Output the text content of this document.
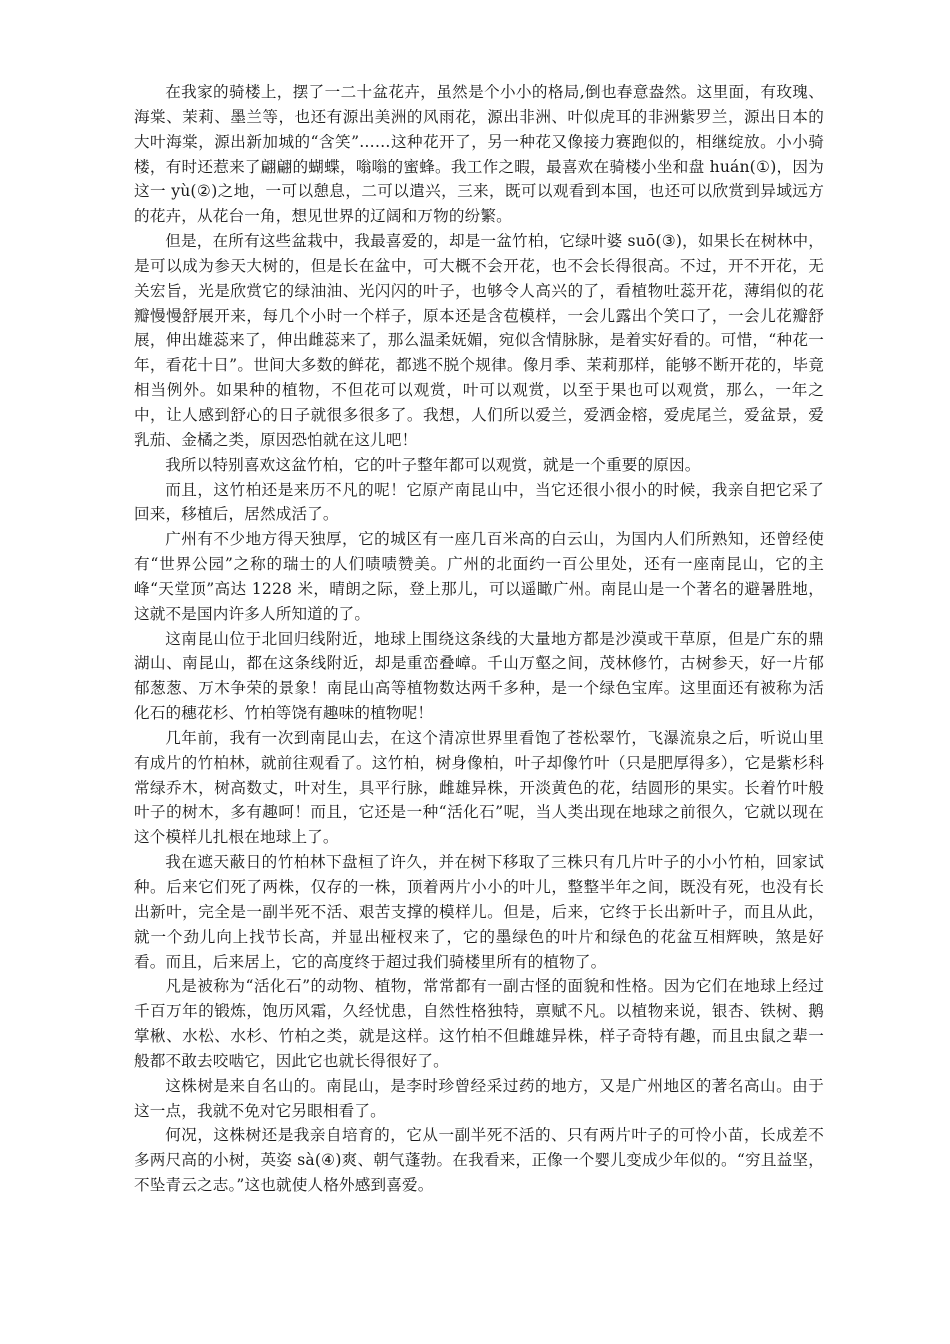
在我家的骑楼上，摆了一二十盆花卉，虽然是个小小的格局,倒也春意盎然。这里面，有玫瑰、海棠、茉莉、墨兰等，也还有源出美洲的风雨花，源出非洲、叶似虎耳的非洲紫罗兰，源出日本的大叶海棠，源出新加城的“含笑”……这种花开了，另一种花又像接力赛跑似的，相继绽放。小小骑楼，有时还惹来了翩翩的蝴蝶，嗡嗡的蜜蜂。我工作之暇，最喜欢在骑楼小坐和盘 huán(①)，因为这一 yù(②)之地，一可以憩息，二可以遣兴，三来，既可以观看到本国，也还可以欣赏到异域远方的花卉，从花台一角，想见世界的辽阔和万物的纷繁。

但是，在所有这些盆栽中，我最喜爱的，却是一盆竹柏，它绿叶婆 suō(③)，如果长在树林中，是可以成为参天大树的，但是长在盆中，可大概不会开花，也不会长得很高。不过，开不开花，无关宏旨，光是欣赏它的绿油油、光闪闪的叶子，也够令人高兴的了，看植物吐蕊开花，薄绢似的花瓣慢慢舒展开来，每几个小时一个样子，原本还是含苞模样，一会儿露出个笑口了，一会儿花瓣舒展，伸出雄蕊来了，伸出雌蕊来了，那么温柔妩媚，宛似含情脉脉，是着实好看的。可惜，“种花一年，看花十日”。世间大多数的鲜花，都逃不脱个规律。像月季、茉莉那样，能够不断开花的，毕竟相当例外。如果种的植物，不但花可以观赏，叶可以观赏，以至于果也可以观赏，那么，一年之中，让人感到舒心的日子就很多很多了。我想，人们所以爱兰，爱洒金榕，爱虎尾兰，爱盆景，爱乳茄、金橘之类，原因恐怕就在这儿吧！

我所以特别喜欢这盆竹柏，它的叶子整年都可以观赏，就是一个重要的原因。

而且，这竹柏还是来历不凡的呢！它原产南昆山中，当它还很小很小的时候，我亲自把它采了回来，移植后，居然成活了。

广州有不少地方得天独厚，它的城区有一座几百米高的白云山，为国内人们所熟知，还曾经使有“世界公园”之称的瑞士的人们啧啧赞美。广州的北面约一百公里处，还有一座南昆山，它的主峰“天堂顶”高达 1228 米，晴朗之际，登上那儿，可以遥瞰广州。南昆山是一个著名的避暑胜地，这就不是国内许多人所知道的了。

这南昆山位于北回归线附近，地球上围绕这条线的大量地方都是沙漠或干草原，但是广东的鼎湖山、南昆山，都在这条线附近，却是重峦叠嶂。千山万壑之间，茂林修竹，古树参天，好一片郁郁葱葱、万木争荣的景象！南昆山高等植物数达两千多种，是一个绿色宝库。这里面还有被称为活化石的穗花杉、竹柏等饶有趣味的植物呢！

几年前，我有一次到南昆山去，在这个清凉世界里看饱了苍松翠竹，飞瀑流泉之后，听说山里有成片的竹柏林，就前往观看了。这竹柏，树身像柏，叶子却像竹叶（只是肥厚得多），它是紫杉科常绿乔木，树高数丈，叶对生，具平行脉，雌雄异株，开淡黄色的花，结圆形的果实。长着竹叶般叶子的树木，多有趣呵！而且，它还是一种“活化石”呢，当人类出现在地球之前很久，它就以现在这个模样儿扎根在地球上了。

我在遮天蔽日的竹柏林下盘桓了许久，并在树下移取了三株只有几片叶子的小小竹柏，回家试种。后来它们死了两株，仅存的一株，顶着两片小小的叶儿，整整半年之间，既没有死，也没有长出新叶，完全是一副半死不活、艰苦支撑的模样儿。但是，后来，它终于长出新叶子，而且从此，就一个劲儿向上找节长高，并显出桠杈来了，它的墨绿色的叶片和绿色的花盆互相辉映，煞是好看。而且，后来居上，它的高度终于超过我们骑楼里所有的植物了。

凡是被称为“活化石”的动物、植物，常常都有一副古怪的面貌和性格。因为它们在地球上经过千百万年的锻炼，饱历风霜，久经忧患，自然性格独特，禀赋不凡。以植物来说，银杏、铁树、鹅掌楸、水松、水杉、竹柏之类，就是这样。这竹柏不但雌雄异株，样子奇特有趣，而且虫鼠之辈一般都不敢去咬啮它，因此它也就长得很好了。

这株树是来自名山的。南昆山，是李时珍曾经采过药的地方，又是广州地区的著名高山。由于这一点，我就不免对它另眼相看了。

何况，这株树还是我亲自培育的，它从一副半死不活的、只有两片叶子的可怜小苗，长成差不多两尺高的小树，英姿 sà(④)爽、朝气蓬勃。在我看来，正像一个婴儿变成少年似的。“穷且益坚，不坠青云之志。”这也就使人格外感到喜爱。
